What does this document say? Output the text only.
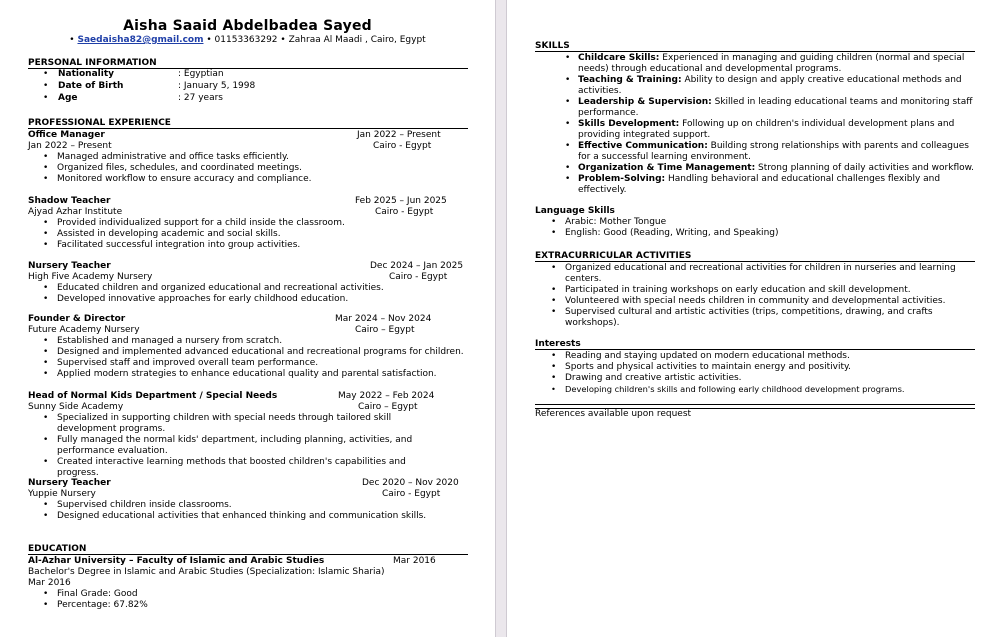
Aisha Saaid Abdelbadea Sayed
• Saedaisha82@gmail.com • 01153363292 • Zahraa Al Maadi , Cairo, Egypt
PERSONAL INFORMATION
• Nationality	: Egyptian
• Date of Birth	: January 5, 1998
• Age	: 27 years
PROFESSIONAL EXPERIENCE
Office Manager	Jan 2022 – Present
Jan 2022 – Present	Cairo - Egypt
• Managed administrative and office tasks efficiently.
• Organized files, schedules, and coordinated meetings.
• Monitored workflow to ensure accuracy and compliance.
Shadow Teacher	Feb 2025 – Jun 2025
Ajyad Azhar Institute	Cairo - Egypt
• Provided individualized support for a child inside the classroom.
• Assisted in developing academic and social skills.
• Facilitated successful integration into group activities.
Nursery Teacher	Dec 2024 – Jan 2025
High Five Academy Nursery	Cairo - Egypt
• Educated children and organized educational and recreational activities.
• Developed innovative approaches for early childhood education.
Founder & Director	Mar 2024 – Nov 2024
Future Academy Nursery	Cairo – Egypt
• Established and managed a nursery from scratch.
• Designed and implemented advanced educational and recreational programs for children.
• Supervised staff and improved overall team performance.
• Applied modern strategies to enhance educational quality and parental satisfaction.
Head of Normal Kids Department / Special Needs	May 2022 – Feb 2024
Sunny Side Academy	Cairo – Egypt
• Specialized in supporting children with special needs through tailored skill development programs.
• Fully managed the normal kids' department, including planning, activities, and performance evaluation.
• Created interactive learning methods that boosted children's capabilities and progress.
Nursery Teacher	Dec 2020 – Nov 2020
Yuppie Nursery	Cairo - Egypt
• Supervised children inside classrooms.
• Designed educational activities that enhanced thinking and communication skills.
EDUCATION
Al-Azhar University – Faculty of Islamic and Arabic Studies	Mar 2016
Bachelor's Degree in Islamic and Arabic Studies (Specialization: Islamic Sharia)
Mar 2016
• Final Grade: Good
• Percentage: 67.82%
SKILLS
• Childcare Skills: Experienced in managing and guiding children (normal and special needs) through educational and developmental programs.
• Teaching & Training: Ability to design and apply creative educational methods and activities.
• Leadership & Supervision: Skilled in leading educational teams and monitoring staff performance.
• Skills Development: Following up on children's individual development plans and providing integrated support.
• Effective Communication: Building strong relationships with parents and colleagues for a successful learning environment.
• Organization & Time Management: Strong planning of daily activities and workflow.
• Problem-Solving: Handling behavioral and educational challenges flexibly and effectively.
Language Skills
• Arabic: Mother Tongue
• English: Good (Reading, Writing, and Speaking)
EXTRACURRICULAR ACTIVITIES
• Organized educational and recreational activities for children in nurseries and learning centers.
• Participated in training workshops on early education and skill development.
• Volunteered with special needs children in community and developmental activities.
• Supervised cultural and artistic activities (trips, competitions, drawing, and crafts workshops).
Interests
• Reading and staying updated on modern educational methods.
• Sports and physical activities to maintain energy and positivity.
• Drawing and creative artistic activities.
• Developing children's skills and following early childhood development programs.
References available upon request
